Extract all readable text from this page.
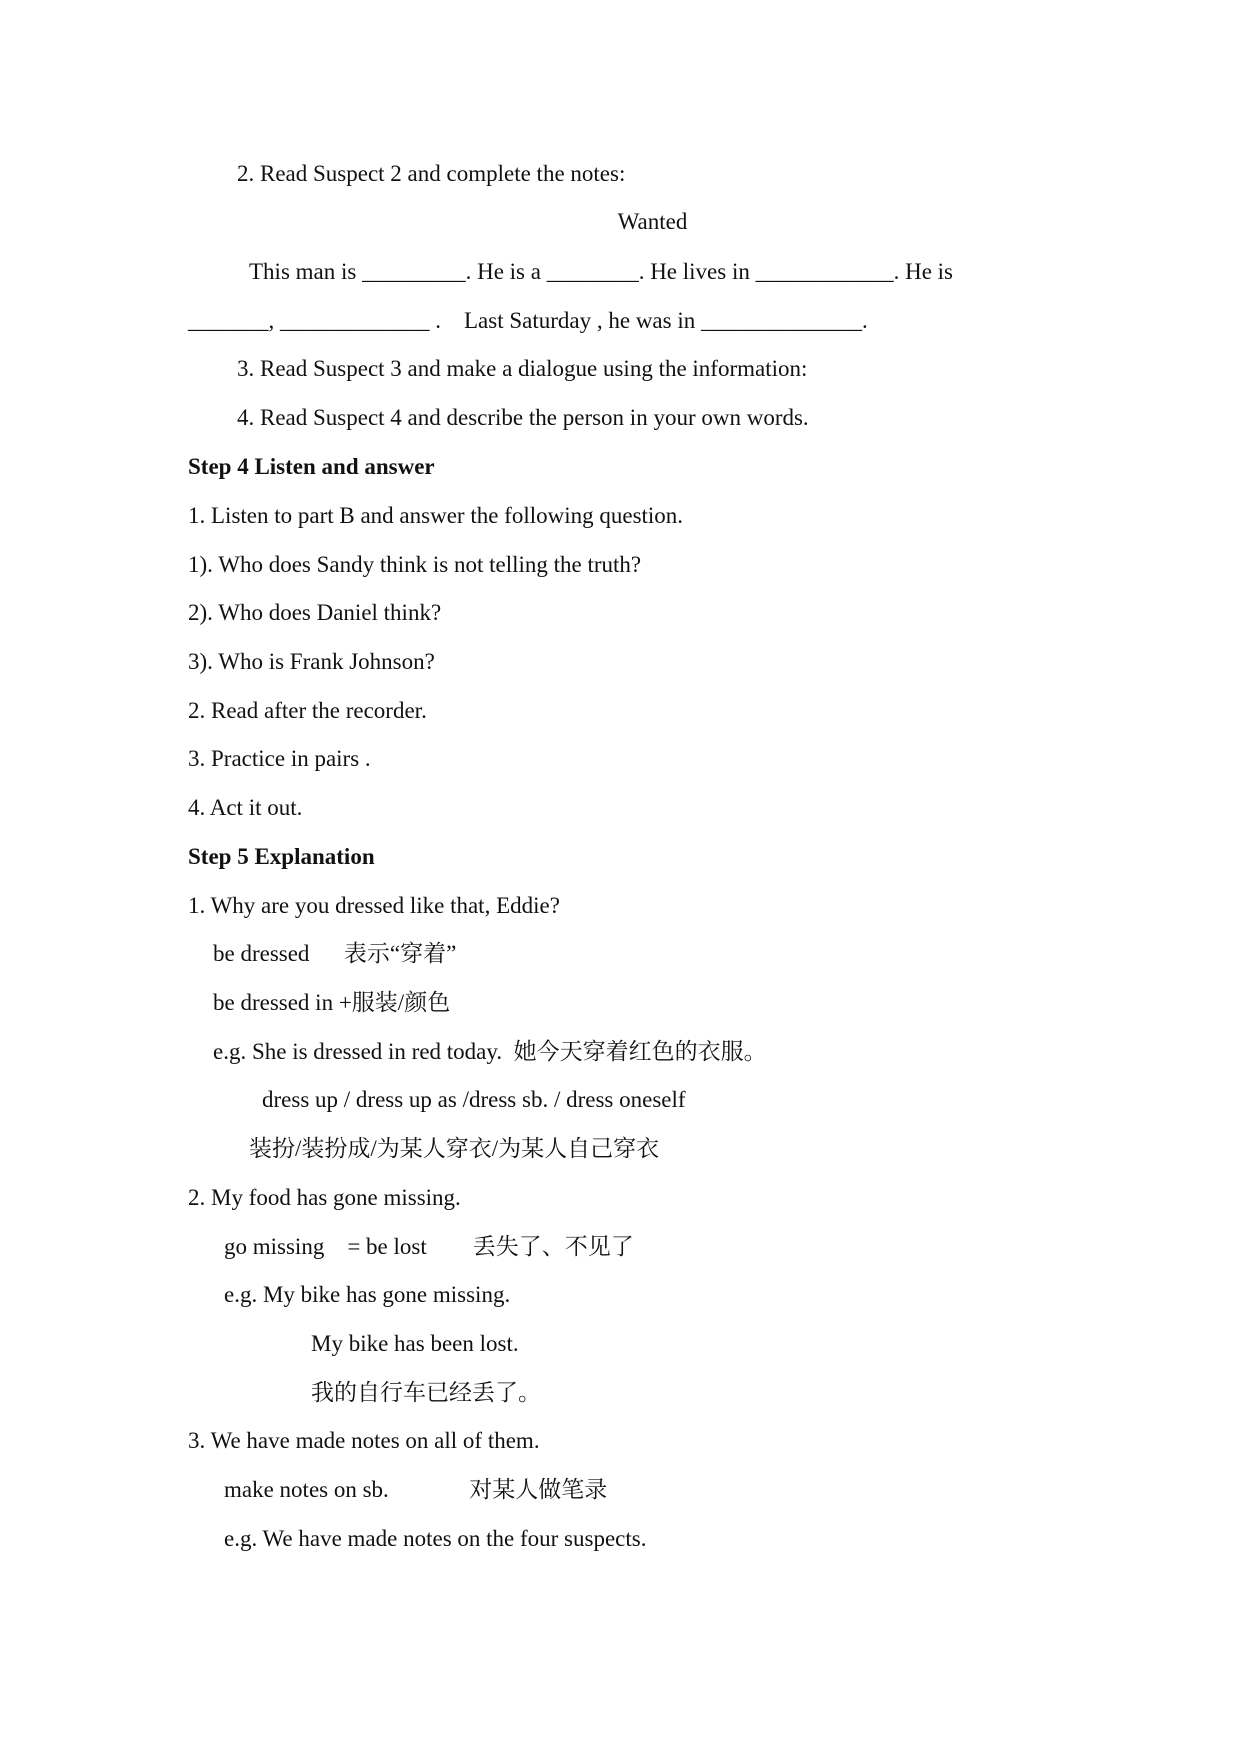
2. Read Suspect 2 and complete the notes:
Wanted
This man is _________. He is a ________. He lives in ____________. He is
_______, _____________ .    Last Saturday , he was in ______________.
3. Read Suspect 3 and make a dialogue using the information:
4. Read Suspect 4 and describe the person in your own words.
Step 4 Listen and answer
1. Listen to part B and answer the following question.
1). Who does Sandy think is not telling the truth?
2). Who does Daniel think?
3). Who is Frank Johnson?
2. Read after the recorder.
3. Practice in pairs .
4. Act it out.
Step 5 Explanation
1. Why are you dressed like that, Eddie?
be dressed      表示“穿着”
be dressed in +服装/颜色
e.g. She is dressed in red today.  她今天穿着红色的衣服。
dress up / dress up as /dress sb. / dress oneself
装扮/装扮成/为某人穿衣/为某人自己穿衣
2. My food has gone missing.
go missing    = be lost        丢失了、不见了
e.g. My bike has gone missing.
My bike has been lost.
我的自行车已经丢了。
3. We have made notes on all of them.
make notes on sb.              对某人做笔录
e.g. We have made notes on the four suspects.
